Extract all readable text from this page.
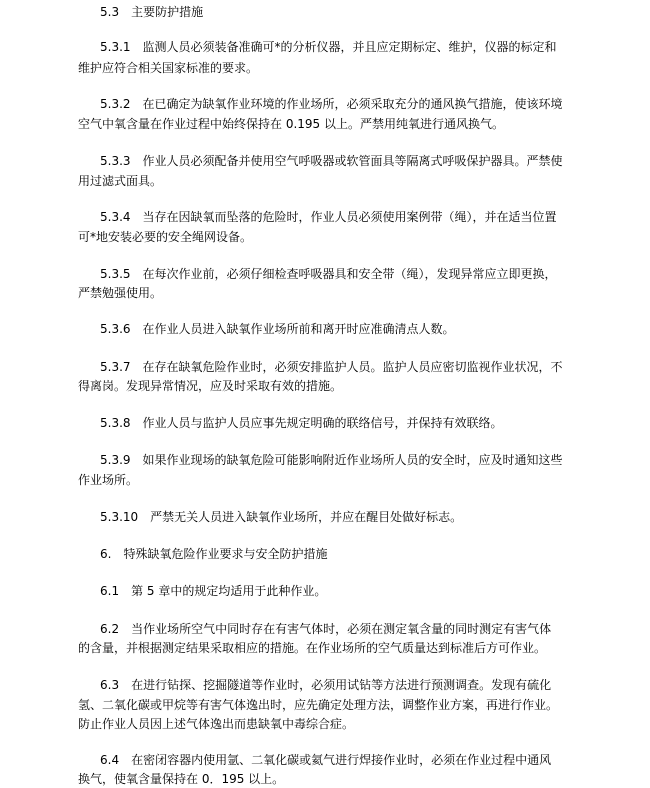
5.3 主要防护措施
5.3.1 监测人员必须装备准确可*的分析仪器，并且应定期标定、维护，仪器的标定和
维护应符合相关国家标准的要求。
5.3.2 在已确定为缺氧作业环境的作业场所，必须采取充分的通风换气措施，使该环境
空气中氧含量在作业过程中始终保持在 0.195 以上。严禁用纯氧进行通风换气。
5.3.3 作业人员必须配备并使用空气呼吸器或软管面具等隔离式呼吸保护器具。严禁使
用过滤式面具。
5.3.4 当存在因缺氧而坠落的危险时，作业人员必须使用案例带（绳），并在适当位置
可*地安装必要的安全绳网设备。
5.3.5 在每次作业前，必须仔细检查呼吸器具和安全带（绳），发现异常应立即更换，
严禁勉强使用。
5.3.6 在作业人员进入缺氧作业场所前和离开时应准确清点人数。
5.3.7 在存在缺氧危险作业时，必须安排监护人员。监护人员应密切监视作业状况，不
得离岗。发现异常情况，应及时采取有效的措施。
5.3.8 作业人员与监护人员应事先规定明确的联络信号，并保持有效联络。
5.3.9 如果作业现场的缺氧危险可能影响附近作业场所人员的安全时，应及时通知这些
作业场所。
5.3.10 严禁无关人员进入缺氧作业场所，并应在醒目处做好标志。
6. 特殊缺氧危险作业要求与安全防护措施
6.1 第 5 章中的规定均适用于此种作业。
6.2 当作业场所空气中同时存在有害气体时，必须在测定氧含量的同时测定有害气体
的含量，并根据测定结果采取相应的措施。在作业场所的空气质量达到标准后方可作业。
6.3 在进行钻探、挖掘隧道等作业时，必须用试钻等方法进行预测调查。发现有硫化
氢、二氧化碳或甲烷等有害气体逸出时，应先确定处理方法，调整作业方案，再进行作业。
防止作业人员因上述气体逸出而患缺氧中毒综合症。
6.4 在密闭容器内使用氩、二氧化碳或氦气进行焊接作业时，必须在作业过程中通风
换气，使氧含量保持在 0．195 以上。
